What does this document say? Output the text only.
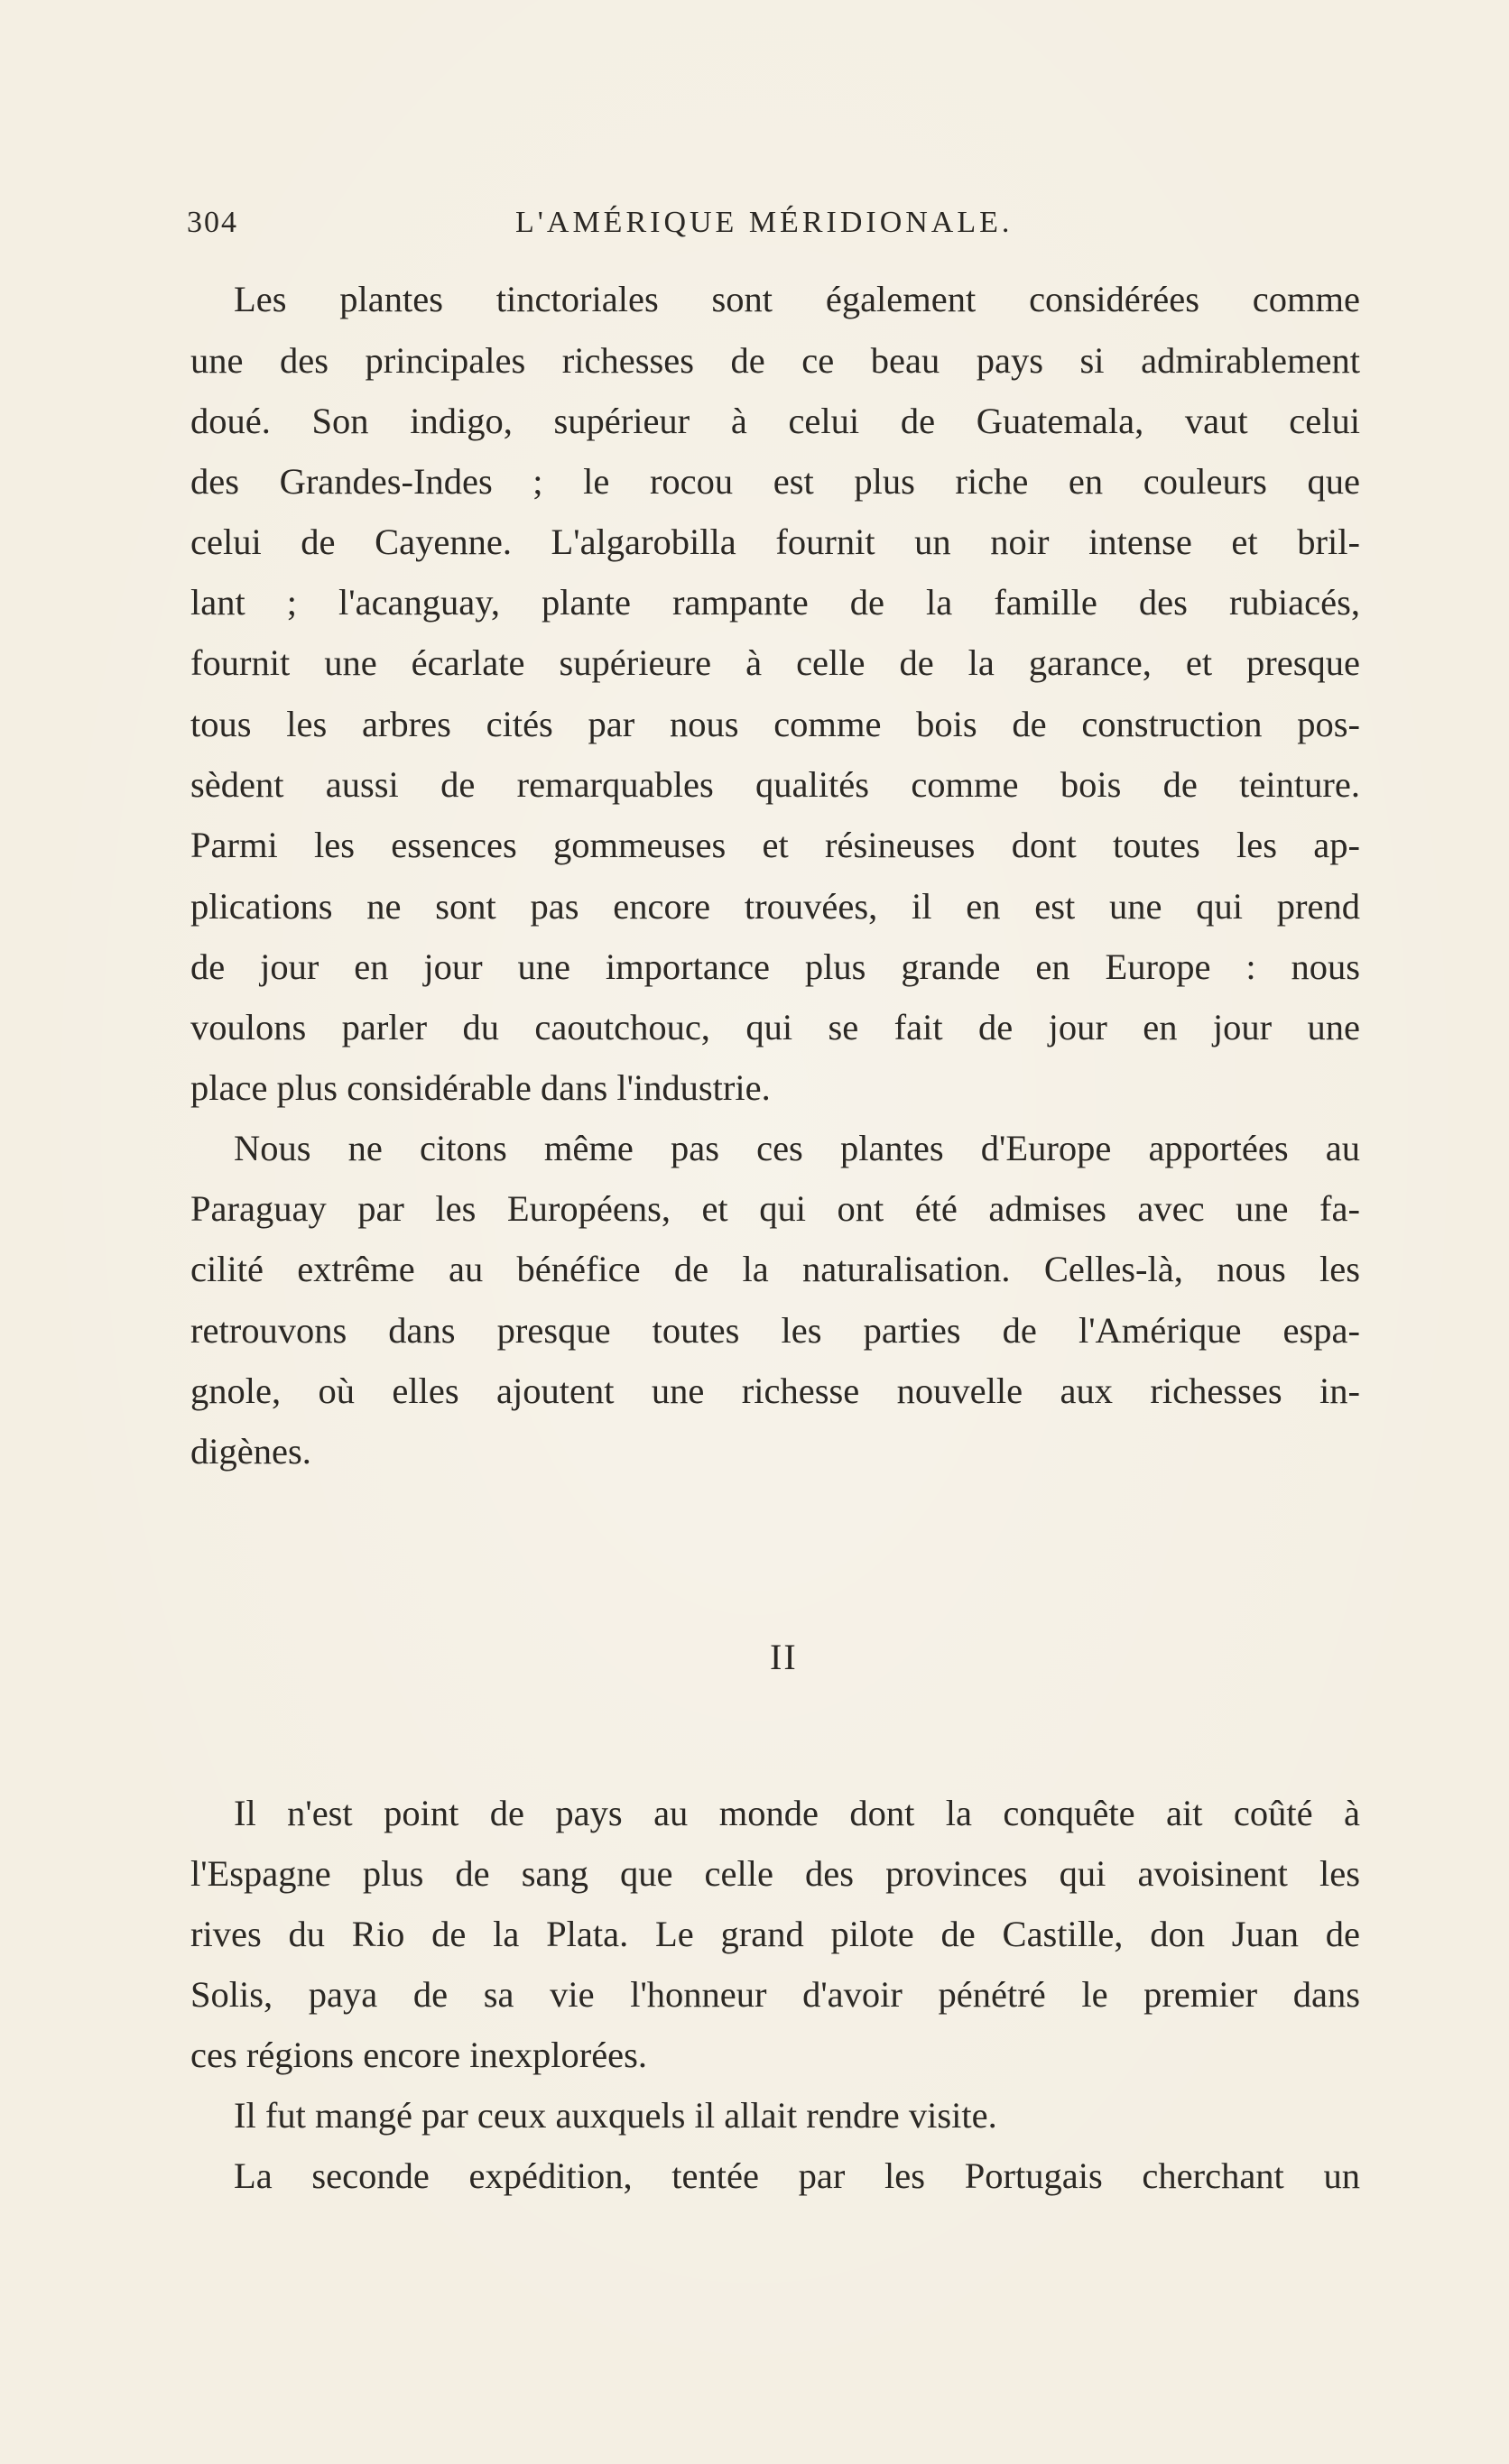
304	L'AMÉRIQUE MÉRIDIONALE.
Les plantes tinctoriales sont également considérées comme
une des principales richesses de ce beau pays si admirablement
doué. Son indigo, supérieur à celui de Guatemala, vaut celui
des Grandes-Indes ; le rocou est plus riche en couleurs que
celui de Cayenne. L'algarobilla fournit un noir intense et bril-
lant ; l'acanguay, plante rampante de la famille des rubiacés,
fournit une écarlate supérieure à celle de la garance, et presque
tous les arbres cités par nous comme bois de construction pos-
sèdent aussi de remarquables qualités comme bois de teinture.
Parmi les essences gommeuses et résineuses dont toutes les ap-
plications ne sont pas encore trouvées, il en est une qui prend
de jour en jour une importance plus grande en Europe : nous
voulons parler du caoutchouc, qui se fait de jour en jour une
place plus considérable dans l'industrie.
Nous ne citons même pas ces plantes d'Europe apportées au
Paraguay par les Européens, et qui ont été admises avec une fa-
cilité extrême au bénéfice de la naturalisation. Celles-là, nous les
retrouvons dans presque toutes les parties de l'Amérique espa-
gnole, où elles ajoutent une richesse nouvelle aux richesses in-
digènes.
II
Il n'est point de pays au monde dont la conquête ait coûté à
l'Espagne plus de sang que celle des provinces qui avoisinent les
rives du Rio de la Plata. Le grand pilote de Castille, don Juan de
Solis, paya de sa vie l'honneur d'avoir pénétré le premier dans
ces régions encore inexplorées.
Il fut mangé par ceux auxquels il allait rendre visite.
La seconde expédition, tentée par les Portugais cherchant un
